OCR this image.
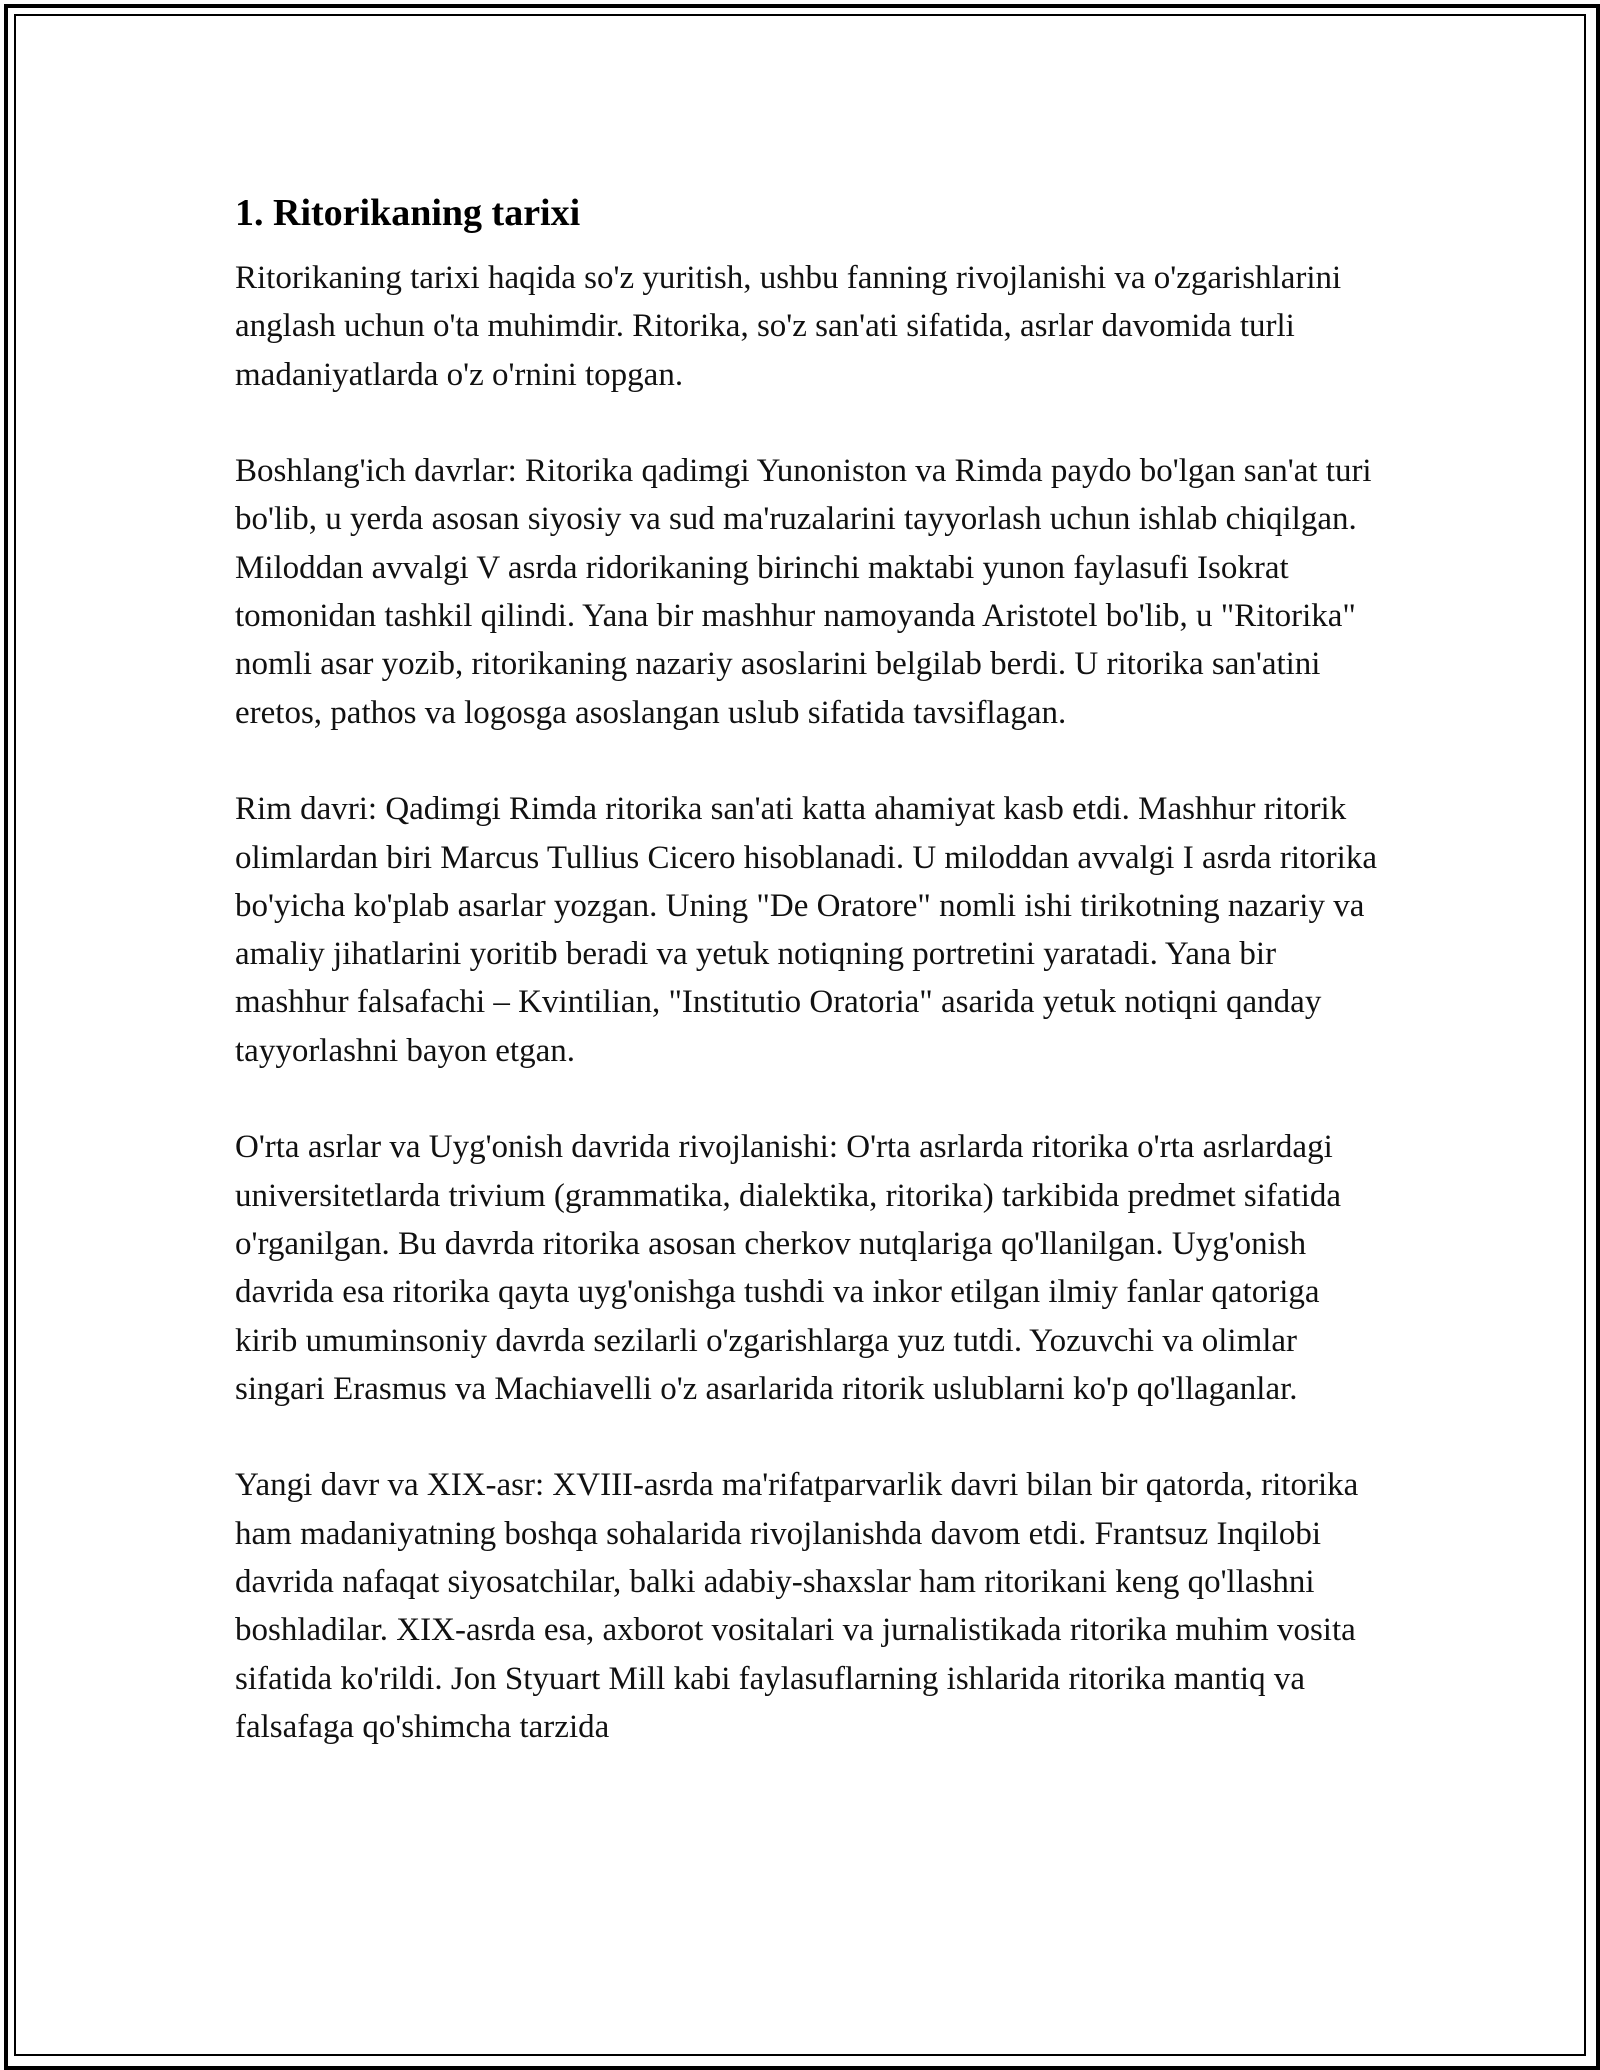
1. Ritorikaning tarixi

Ritorikaning tarixi haqida so'z yuritish, ushbu fanning rivojlanishi va o'zgarishlarini anglash uchun o'ta muhimdir. Ritorika, so'z san'ati sifatida, asrlar davomida turli madaniyatlarda o'z o'rnini topgan.

Boshlang'ich davrlar: Ritorika qadimgi Yunoniston va Rimda paydo bo'lgan san'at turi bo'lib, u yerda asosan siyosiy va sud ma'ruzalarini tayyorlash uchun ishlab chiqilgan. Miloddan avvalgi V asrda ridorikaning birinchi maktabi yunon faylasufi Isokrat tomonidan tashkil qilindi. Yana bir mashhur namoyanda Aristotel bo'lib, u "Ritorika" nomli asar yozib, ritorikaning nazariy asoslarini belgilab berdi. U ritorika san'atini eretos, pathos va logosga asoslangan uslub sifatida tavsiflagan.

Rim davri: Qadimgi Rimda ritorika san'ati katta ahamiyat kasb etdi. Mashhur ritorik olimlardan biri Marcus Tullius Cicero hisoblanadi. U miloddan avvalgi I asrda ritorika bo'yicha ko'plab asarlar yozgan. Uning "De Oratore" nomli ishi tirikotning nazariy va amaliy jihatlarini yoritib beradi va yetuk notiqning portretini yaratadi. Yana bir mashhur falsafachi – Kvintilian, "Institutio Oratoria" asarida yetuk notiqni qanday tayyorlashni bayon etgan.

O'rta asrlar va Uyg'onish davrida rivojlanishi: O'rta asrlarda ritorika o'rta asrlardagi universitetlarda trivium (grammatika, dialektika, ritorika) tarkibida predmet sifatida o'rganilgan. Bu davrda ritorika asosan cherkov nutqlariga qo'llanilgan. Uyg'onish davrida esa ritorika qayta uyg'onishga tushdi va inkor etilgan ilmiy fanlar qatoriga kirib umuminsoniy davrda sezilarli o'zgarishlarga yuz tutdi. Yozuvchi va olimlar singari Erasmus va Machiavelli o'z asarlarida ritorik uslublarni ko'p qo'llaganlar.

Yangi davr va XIX-asr: XVIII-asrda ma'rifatparvarlik davri bilan bir qatorda, ritorika ham madaniyatning boshqa sohalarida rivojlanishda davom etdi. Frantsuz Inqilobi davrida nafaqat siyosatchilar, balki adabiy-shaxslar ham ritorikani keng qo'llashni boshladilar. XIX-asrda esa, axborot vositalari va jurnalistikada ritorika muhim vosita sifatida ko'rildi. Jon Styuart Mill kabi faylasuflarning ishlarida ritorika mantiq va falsafaga qo'shimcha tarzida
